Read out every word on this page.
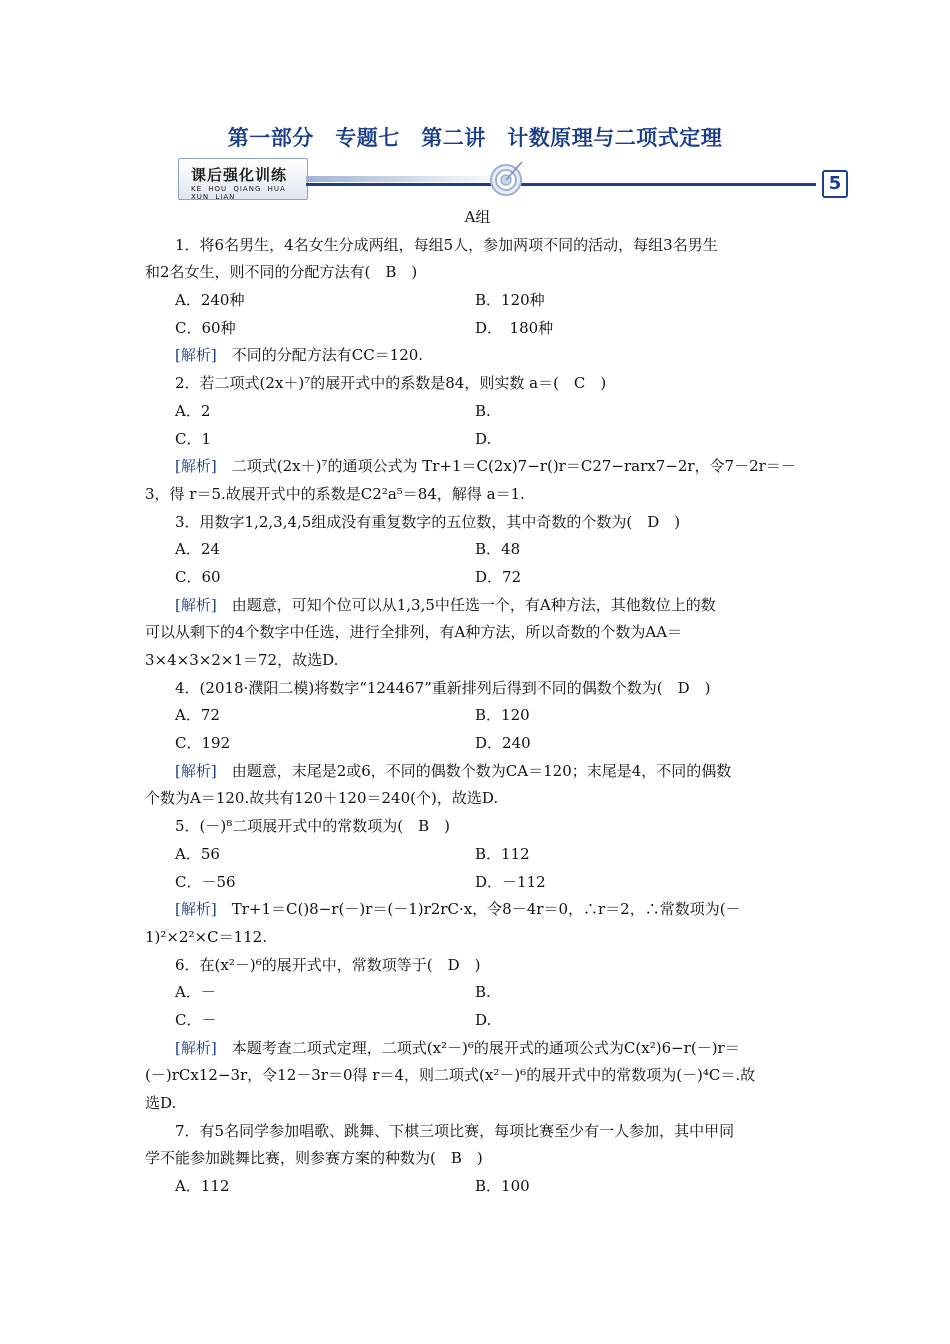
第一部分　专题七　第二讲　计数原理与二项式定理
课后强化训练
KE HOU QIANG HUA XUN LIAN
5
A组
1．将6名男生，4名女生分成两组，每组5人，参加两项不同的活动，每组3名男生
和2名女生，则不同的分配方法有(　B　)
A．240种	B．120种
C．60种	D．　180种
[解析]　不同的分配方法有CC＝120.
2．若二项式(2x＋)⁷的展开式中的系数是84，则实数 a＝(　C　)
A．2	B.
C．1	D.
[解析]　二项式(2x＋)⁷的通项公式为 Tr+1＝C(2x)7−r()r＝C27−rarx7−2r，令7－2r＝－
3，得 r＝5.故展开式中的系数是C2²a⁵＝84，解得 a＝1.
3．用数字1,2,3,4,5组成没有重复数字的五位数，其中奇数的个数为(　D　)
A．24	B．48
C．60	D．72
[解析]　由题意，可知个位可以从1,3,5中任选一个，有A种方法，其他数位上的数
可以从剩下的4个数字中任选，进行全排列，有A种方法，所以奇数的个数为AA＝
3×4×3×2×1＝72，故选D.
4．(2018·濮阳二模)将数字“124467”重新排列后得到不同的偶数个数为(　D　)
A．72	B．120
C．192	D．240
[解析]　由题意，末尾是2或6，不同的偶数个数为CA＝120；末尾是4，不同的偶数
个数为A＝120.故共有120＋120＝240(个)，故选D.
5．(－)⁸二项展开式中的常数项为(　B　)
A．56	B．112
C．－56	D．－112
[解析]　Tr+1＝C()8−r(－)r＝(－1)r2rC·x，令8－4r＝0，∴r＝2，∴常数项为(－
1)²×2²×C＝112.
6．在(x²－)⁶的展开式中，常数项等于(　D　)
A．－	B.
C．－	D.
[解析]　本题考查二项式定理，二项式(x²－)⁶的展开式的通项公式为C(x²)6−r(－)r＝
(－)rCx12−3r，令12－3r＝0得 r＝4，则二项式(x²－)⁶的展开式中的常数项为(－)⁴C＝.故
选D.
7．有5名同学参加唱歌、跳舞、下棋三项比赛，每项比赛至少有一人参加，其中甲同
学不能参加跳舞比赛，则参赛方案的种数为(　B　)
A．112	B．100
